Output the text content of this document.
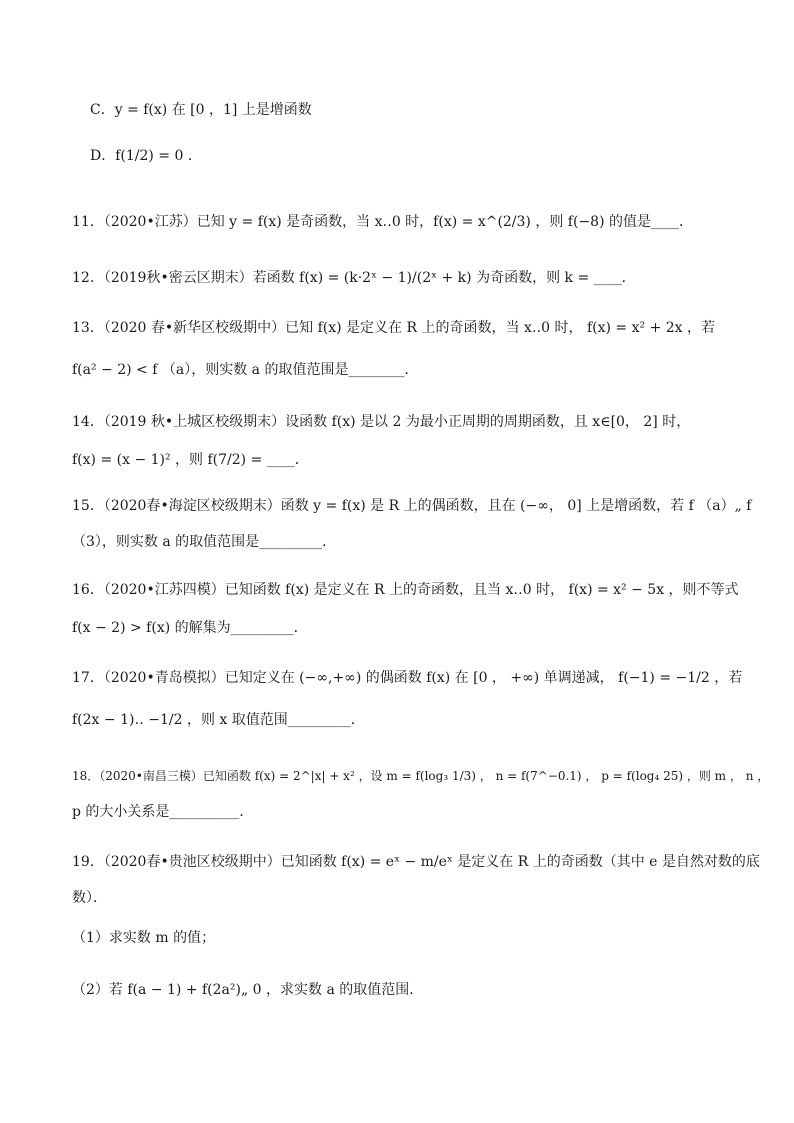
C．y = f(x) 在 [0 ，1] 上是增函数
D．f(1/2) = 0 ．
11．（2020•江苏）已知 y = f(x) 是奇函数，当 x‥0 时，f(x) = x^(2/3) ，则 f(−8) 的值是____．
12．（2019秋•密云区期末）若函数 f(x) = (k·2ˣ − 1)/(2ˣ + k) 为奇函数，则 k = ____．
13．（2020 春•新华区校级期中）已知 f(x) 是定义在 R 上的奇函数，当 x‥0 时， f(x) = x² + 2x ，若
f(a² − 2) < f （a），则实数 a 的取值范围是________．
14．（2019 秋•上城区校级期末）设函数 f(x) 是以 2 为最小正周期的周期函数，且 x∈[0， 2] 时，
f(x) = (x − 1)² ，则 f(7/2) = ____．
15．（2020春•海淀区校级期末）函数 y = f(x) 是 R 上的偶函数，且在 (−∞， 0] 上是增函数，若 f （a）„ f
（3），则实数 a 的取值范围是_________．
16．（2020•江苏四模）已知函数 f(x) 是定义在 R 上的奇函数，且当 x‥0 时， f(x) = x² − 5x ，则不等式
f(x − 2) > f(x) 的解集为_________．
17．（2020•青岛模拟）已知定义在 (−∞,+∞) 的偶函数 f(x) 在 [0 ， +∞) 单调递减， f(−1) = −1/2 ，若
f(2x − 1)‥ −1/2 ，则 x 取值范围_________．
18．（2020•南昌三模）已知函数 f(x) = 2^|x| + x² ，设 m = f(log₃ 1/3) ， n = f(7^−0.1) ， p = f(log₄ 25) ，则 m ， n ，
p 的大小关系是__________．
19．（2020春•贵池区校级期中）已知函数 f(x) = eˣ − m/eˣ 是定义在 R 上的奇函数（其中 e 是自然对数的底
数）．
（1）求实数 m 的值；
（2）若 f(a − 1) + f(2a²)„ 0 ，求实数 a 的取值范围．
